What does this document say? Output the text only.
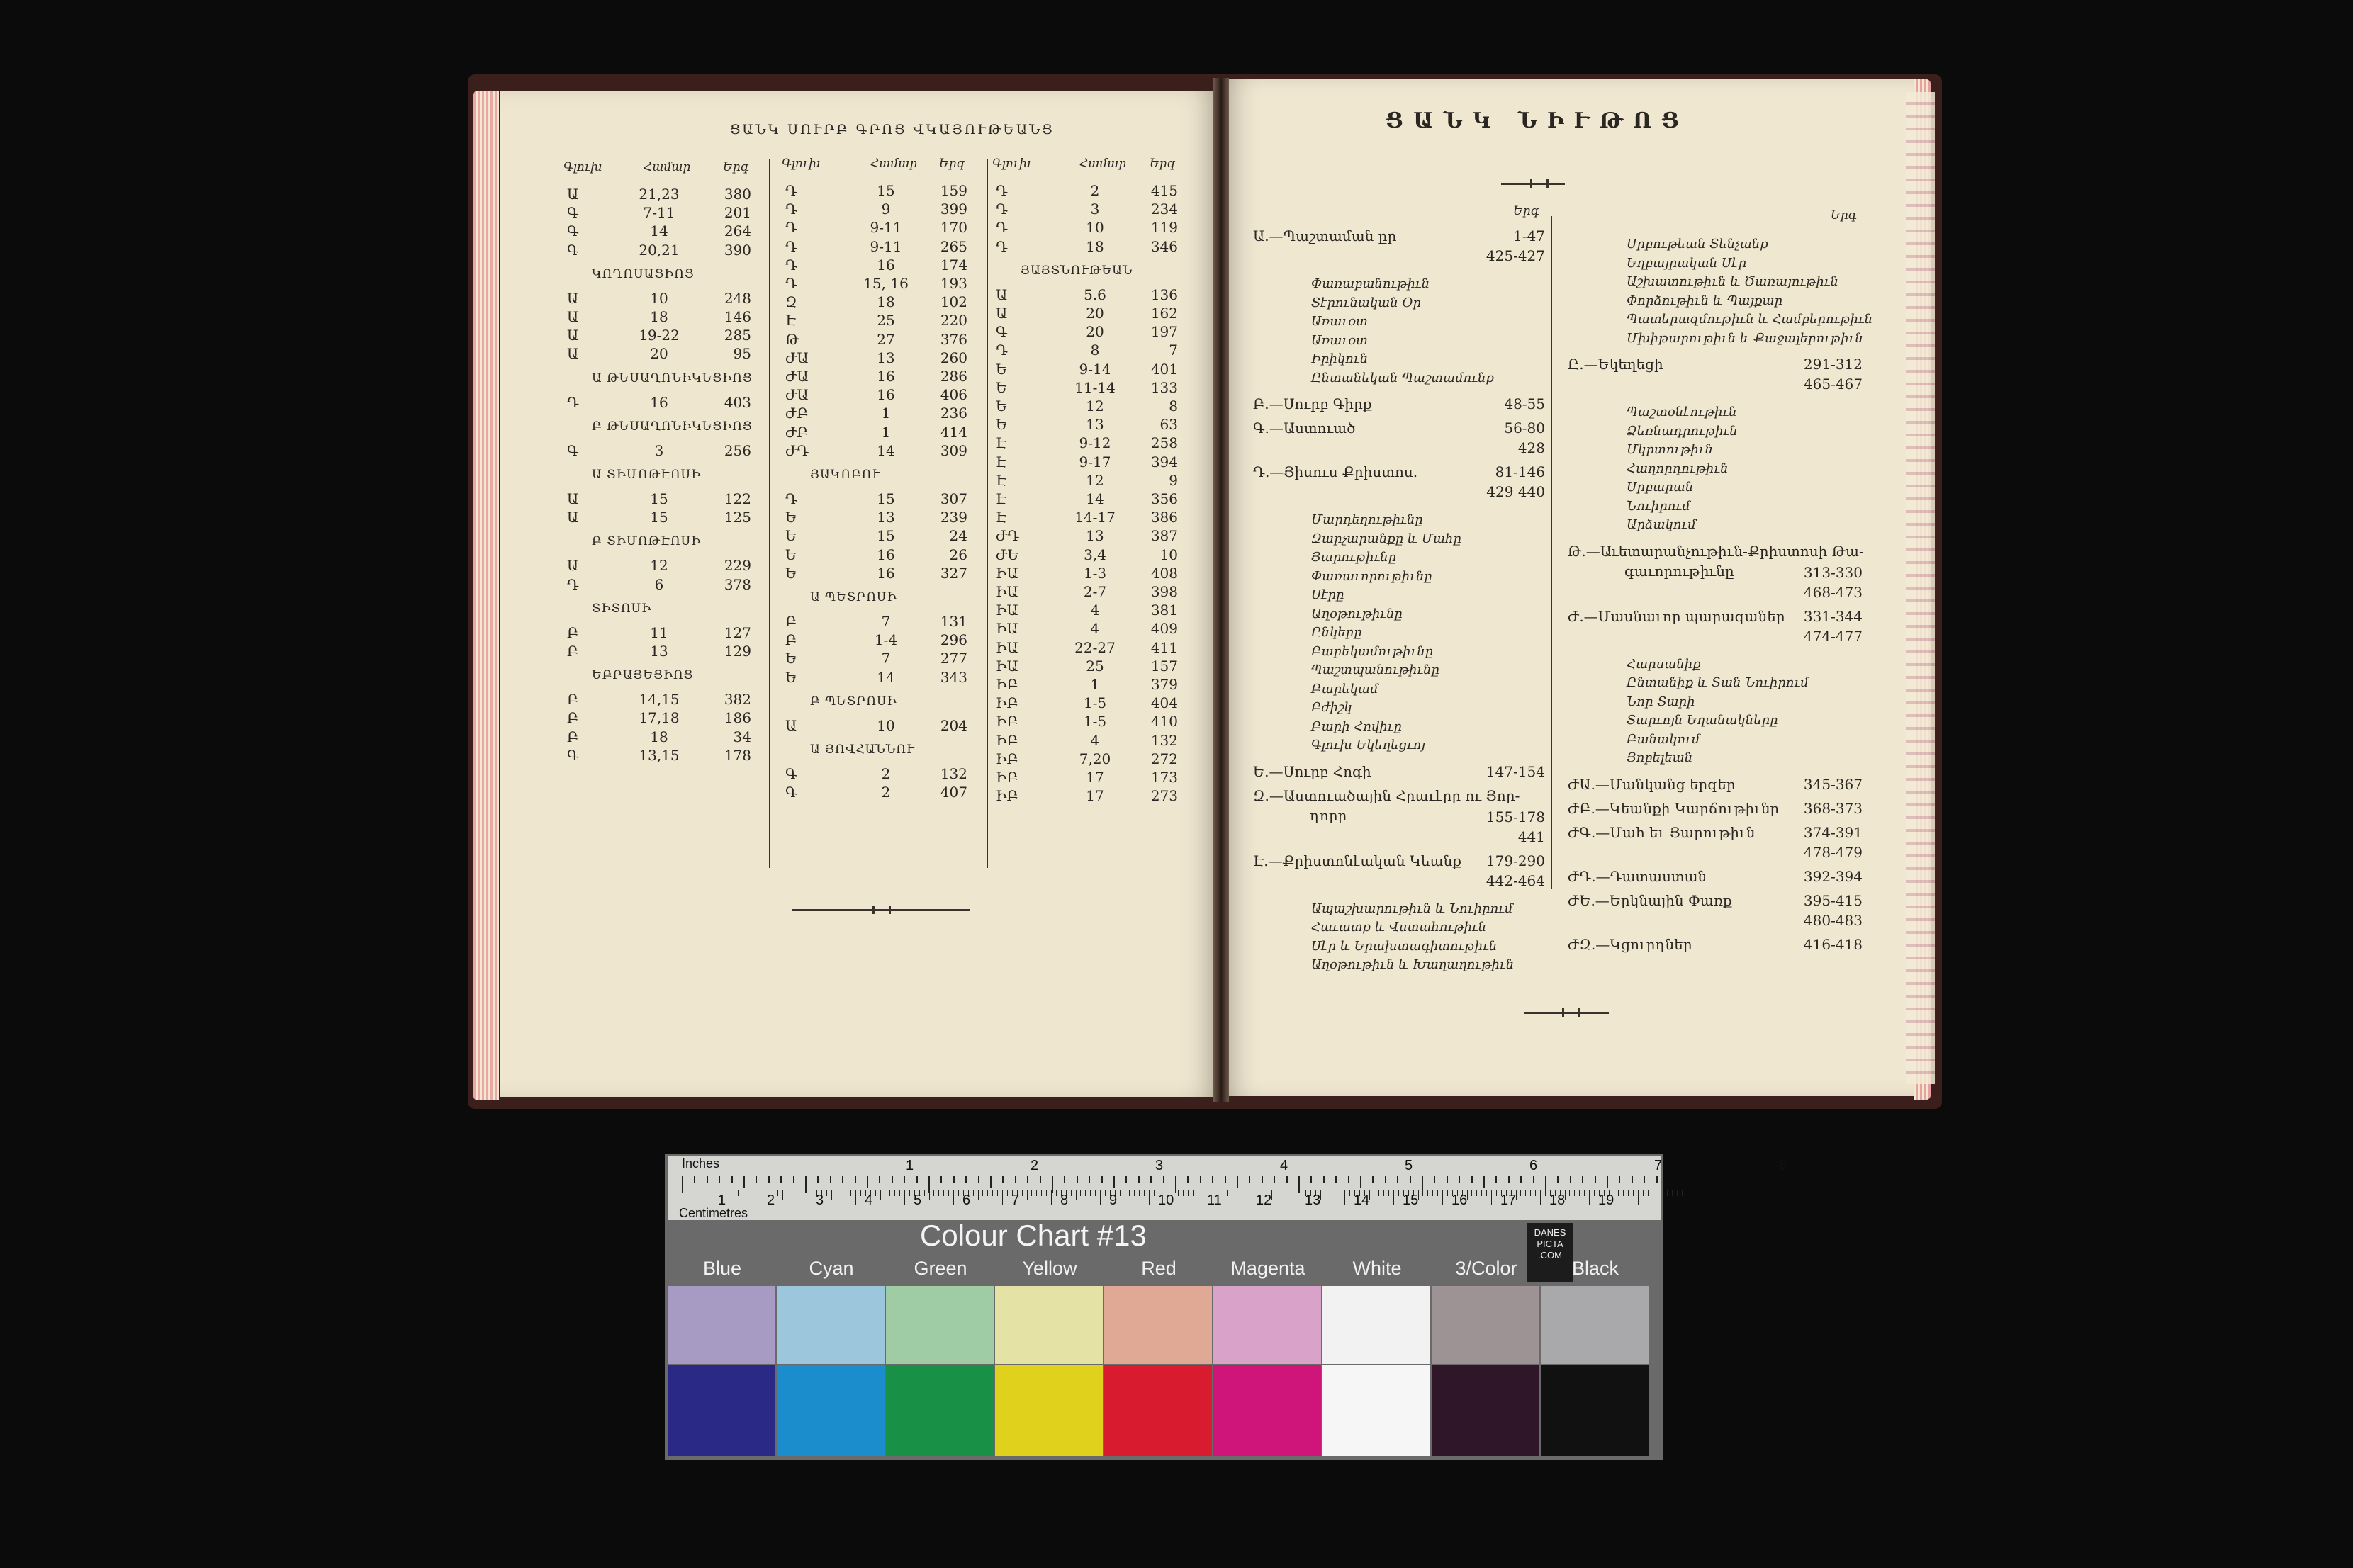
ՑԱՆԿ ՍՈՒՐԲ ԳՐՈՑ ՎԿԱՅՈՒԹԵԱՆՑ
Գլուխ	Համար	Երգ
Ա	21,23	380
Գ	7-11	201
Գ	14	264
Գ	20,21	390
ԿՈՂՈՍԱՑԻՈՑ
Ա	10	248
Ա	18	146
Ա	19-22	285
Ա	20	95
Ա ԹԵՍԱՂՈՆԻԿԵՑԻՈՑ
Դ	16	403
Բ ԹԵՍԱՂՈՆԻԿԵՑԻՈՑ
Գ	3	256
Ա ՏԻՄՈԹԷՈՍԻ
Ա	15	122
Ա	15	125
Բ ՏԻՄՈԹԷՈՍԻ
Ա	12	229
Դ	6	378
ՏԻՏՈՍԻ
Բ	11	127
Բ	13	129
ԵԲՐԱՅԵՑԻՈՑ
Բ	14,15	382
Բ	17,18	186
Բ	18	34
Գ	13,15	178
Գլուխ	Համար Երգ
Դ	15	159
Դ	9	399
Դ	9-11	170
Դ	9-11	265
Դ	16	174
Դ	15, 16 193
Զ	18	102
Է	25	220
Թ	27	376
ԺԱ	13	260
ԺԱ	16	286
ԺԱ	16	406
ԺԲ	1	236
ԺԲ	1	414
ԺԴ	14	309
ՅԱԿՈԲՈՒ
Դ	15	307
Ե	13	239
Ե	15	24
Ե	16	26
Ե	16	327
Ա ՊԵՏՐՈՍԻ
Բ	7	131
Բ	1-4	296
Ե	7	277
Ե	14	343
Բ ՊԵՏՐՈՍԻ
Ա	10	204
Ա ՅՈՎՀԱՆՆՈՒ
Գ	2	132
Գ	2	407
Գլուխ	Համար Երգ
Դ	2	415
Դ	3	234
Դ	10	119
Դ	18	346
ՅԱՅՏՆՈՒԹԵԱՆ
Ա	5.6	136
Ա	20	162
Գ	20	197
Դ	8	7
Ե	9-14	401
Ե	11-14 133
Ե	12	8
Ե	13	63
Է	9-12	258
Է	9-17	394
Է	12	9
Է	14	356
Է	14-17 386
ԺԴ	13	387
ԺԵ	3,4	10
ԻԱ	1-3	408
ԻԱ	2-7	398
ԻԱ	4	381
ԻԱ	4	409
ԻԱ	22-27 411
ԻԱ	25	157
ԻԲ	1	379
ԻԲ	1-5	404
ԻԲ	1-5	410
ԻԲ	4	132
ԻԲ	7,20	272
ԻԲ	17	173
ԻԲ	17	273
ՑԱՆԿ ՆԻՒԹՈՑ
Երգ	Երգ
Ա.—Պաշտաման ըր	1-47
425-427
Փառաբանութիւն
Տէրունական Օր
Առաւօտ
Առաւօտ
Իրիկուն
Ընտանեկան Պաշտամունք
Բ.—Սուրբ Գիրք	48-55
Գ.—Աստուած	56-80
428
Դ.—Յիսուս Քրիստոս.	81-146
429 440
Մարդեղութիւնը
Զարչարանքը և Մահը
Յարութիւնը
Փառաւորութիւնը
Սէրը
Աղօթութիւնը
Ընկերը
Բարեկամութիւնը
Պաշտպանութիւնը
Բարեկամ
Բժիշկ
Բարի Հովիւը
Գլուխ Եկեղեցւոյ
Ե.—Սուրբ Հոգի	147-154
Զ.—Աստուածային Հրաւէրը ու Յոր-
դորը	155-178
441
Է.—Քրիստոնէական Կեանք 179-290
442-464
Ապաշխարութիւն և Նուիրում
Հաւատք և Վստահութիւն
Սէր և Երախտագիտութիւն
Աղօթութիւն և Խաղաղութիւն
Սրբութեան Տենչանք
Եղբայրական Սէր
Աշխատութիւն և Ծառայութիւն
Փորձութիւն և Պայքար
Պատերազմութիւն և Համբերութիւն
Մխիթարութիւն և Քաջալերութիւն
Ը.—Եկեղեցի	291-312
465-467
Պաշտօնէութիւն
Ձեռնադրութիւն
Մկրտութիւն
Հաղորդութիւն
Սրբարան
Նուիրում
Արձակում
Թ.—Աւետարանչութիւն-Քրիստոսի Թա-
գաւորութիւնը	313-330
468-473
Ժ.—Մասնաւոր պարագաներ 331-344
474-477
Հարսանիք
Ընտանիք և Տան Նուիրում
Նոր Տարի
Տարւոյն Եղանակները
Բանակում
Յոբելեան
ԺԱ.—Մանկանց երգեր	345-367
ԺԲ.—Կեանքի Կարճութիւնը 368-373
ԺԳ.—Մահ եւ Յարութիւն	374-391
478-479
ԺԴ.—Դատաստան	392-394
ԺԵ.—Երկնային Փառք	395-415
480-483
ԺԶ.—Կցուրդներ	416-418
Inches
Centimetres
1	2	3	4	5	6	7	8
1	2	3	4	5	6	7	8	9	10 11 12 13 14 15 16 17 18 19
Colour Chart #13	DANES
PICTA
.COM
Blue	Cyan	Green	Yellow	Red	Magenta White	3/Color	Black
